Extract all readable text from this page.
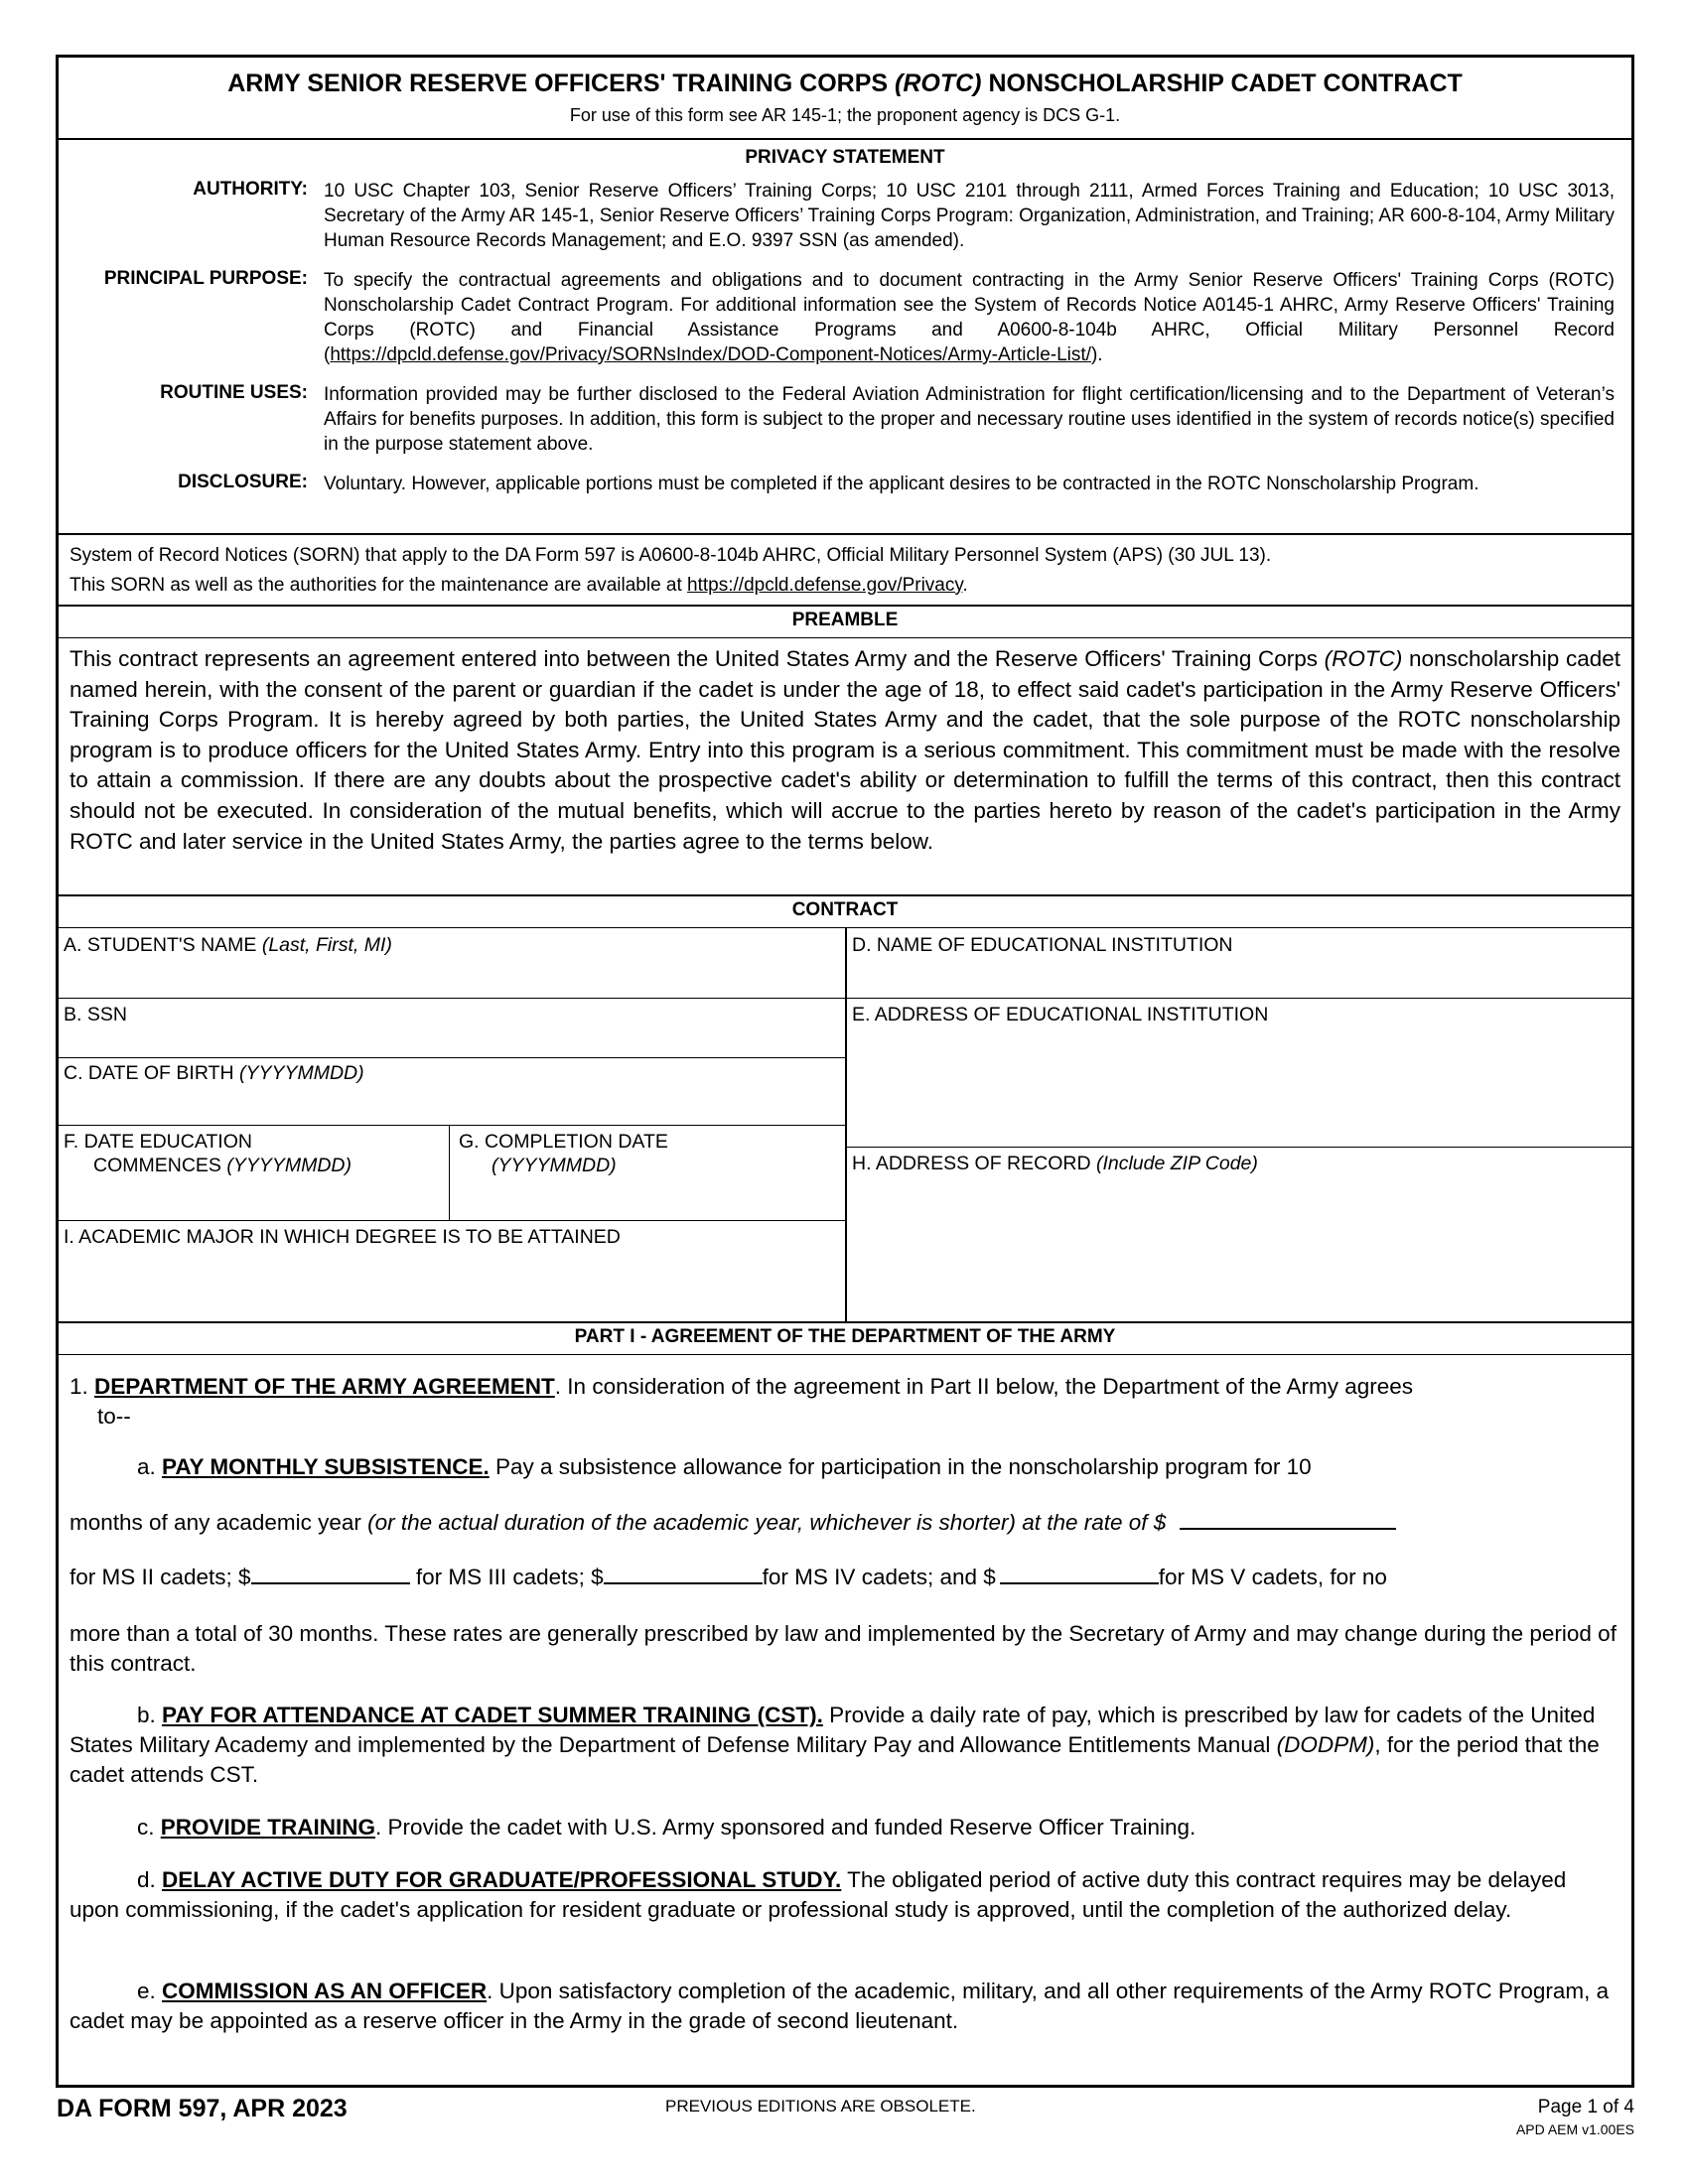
ARMY SENIOR RESERVE OFFICERS' TRAINING CORPS (ROTC) NONSCHOLARSHIP CADET CONTRACT
For use of this form see AR 145-1; the proponent agency is DCS G-1.
PRIVACY STATEMENT
AUTHORITY: 10 USC Chapter 103, Senior Reserve Officers’ Training Corps; 10 USC 2101 through 2111, Armed Forces Training and Education; 10 USC 3013, Secretary of the Army AR 145-1, Senior Reserve Officers’ Training Corps Program: Organization, Administration, and Training; AR 600-8-104, Army Military Human Resource Records Management; and E.O. 9397 SSN (as amended).
PRINCIPAL PURPOSE: To specify the contractual agreements and obligations and to document contracting in the Army Senior Reserve Officers' Training Corps (ROTC) Nonscholarship Cadet Contract Program. For additional information see the System of Records Notice A0145-1 AHRC, Army Reserve Officers' Training Corps (ROTC) and Financial Assistance Programs and A0600-8-104b AHRC, Official Military Personnel Record (https://dpcld.defense.gov/Privacy/SORNsIndex/DOD-Component-Notices/Army-Article-List/).
ROUTINE USES: Information provided may be further disclosed to the Federal Aviation Administration for flight certification/licensing and to the Department of Veteran’s Affairs for benefits purposes. In addition, this form is subject to the proper and necessary routine uses identified in the system of records notice(s) specified in the purpose statement above.
DISCLOSURE: Voluntary. However, applicable portions must be completed if the applicant desires to be contracted in the ROTC Nonscholarship Program.
System of Record Notices (SORN) that apply to the DA Form 597 is A0600-8-104b AHRC, Official Military Personnel System (APS) (30 JUL 13).
This SORN as well as the authorities for the maintenance are available at https://dpcld.defense.gov/Privacy.
PREAMBLE
This contract represents an agreement entered into between the United States Army and the Reserve Officers' Training Corps (ROTC) nonscholarship cadet named herein, with the consent of the parent or guardian if the cadet is under the age of 18, to effect said cadet's participation in the Army Reserve Officers' Training Corps Program. It is hereby agreed by both parties, the United States Army and the cadet, that the sole purpose of the ROTC nonscholarship program is to produce officers for the United States Army. Entry into this program is a serious commitment. This commitment must be made with the resolve to attain a commission. If there are any doubts about the prospective cadet's ability or determination to fulfill the terms of this contract, then this contract should not be executed. In consideration of the mutual benefits, which will accrue to the parties hereto by reason of the cadet's participation in the Army ROTC and later service in the United States Army, the parties agree to the terms below.
CONTRACT
A. STUDENT'S NAME (Last, First, MI)	D. NAME OF EDUCATIONAL INSTITUTION
B. SSN	E. ADDRESS OF EDUCATIONAL INSTITUTION
C. DATE OF BIRTH (YYYYMMDD)
F. DATE EDUCATION
COMMENCES (YYYYMMDD)
G. COMPLETION DATE
(YYYYMMDD)	H. ADDRESS OF RECORD (Include ZIP Code)
I. ACADEMIC MAJOR IN WHICH DEGREE IS TO BE ATTAINED
PART I - AGREEMENT OF THE DEPARTMENT OF THE ARMY
1. DEPARTMENT OF THE ARMY AGREEMENT. In consideration of the agreement in Part II below, the Department of the Army agrees
to--
a. PAY MONTHLY SUBSISTENCE. Pay a subsistence allowance for participation in the nonscholarship program for 10
months of any academic year (or the actual duration of the academic year, whichever is shorter) at the rate of $
for MS II cadets; $	for MS III cadets; $	for MS IV cadets; and $	for MS V cadets, for no
more than a total of 30 months. These rates are generally prescribed by law and implemented by the Secretary of Army and may change during the period of this contract.
b. PAY FOR ATTENDANCE AT CADET SUMMER TRAINING (CST). Provide a daily rate of pay, which is prescribed by law for cadets of the United States Military Academy and implemented by the Department of Defense Military Pay and Allowance Entitlements Manual (DODPM), for the period that the cadet attends CST.
c. PROVIDE TRAINING. Provide the cadet with U.S. Army sponsored and funded Reserve Officer Training.
d. DELAY ACTIVE DUTY FOR GRADUATE/PROFESSIONAL STUDY. The obligated period of active duty this contract requires may be delayed upon commissioning, if the cadet's application for resident graduate or professional study is approved, until the completion of the authorized delay.
e. COMMISSION AS AN OFFICER. Upon satisfactory completion of the academic, military, and all other requirements of the Army ROTC Program, a cadet may be appointed as a reserve officer in the Army in the grade of second lieutenant.
DA FORM 597, APR 2023	PREVIOUS EDITIONS ARE OBSOLETE.	Page 1 of 4
APD AEM v1.00ES
